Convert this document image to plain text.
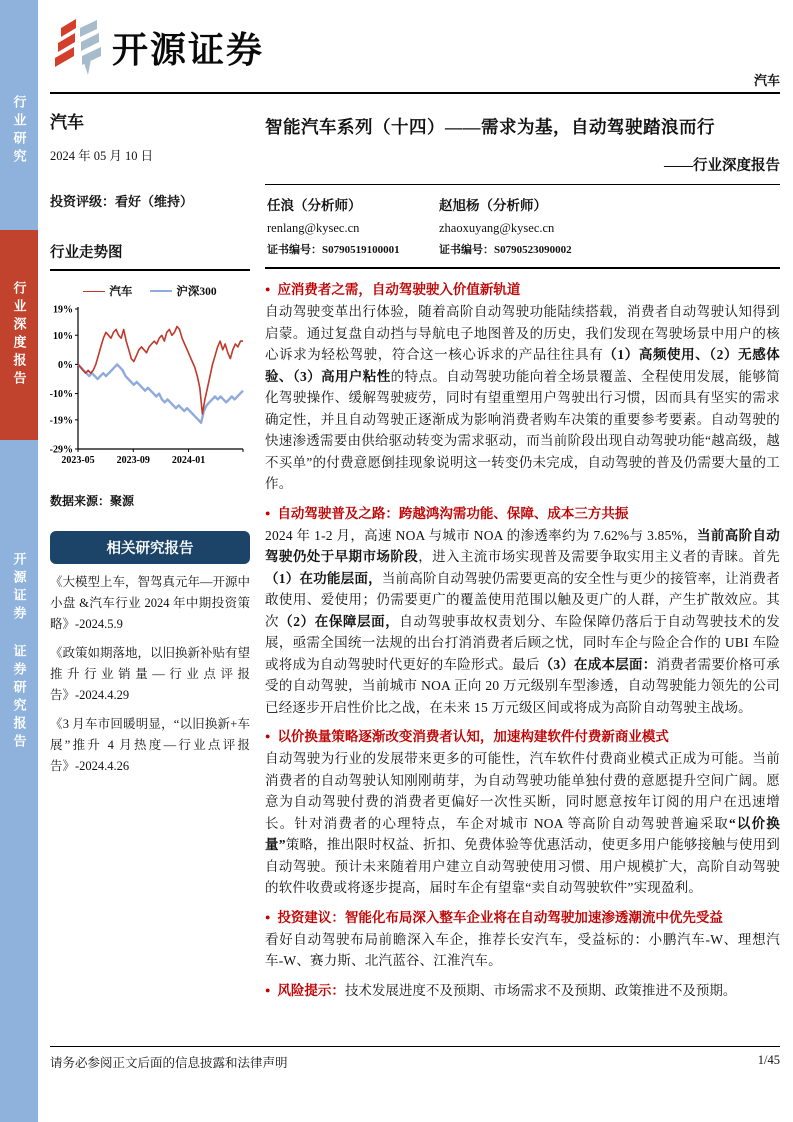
行业研究
行业深度报告
开源证券 证券研究报告
开源证券
汽车
汽车
2024 年 05 月 10 日
投资评级：看好（维持）
行业走势图
汽车	沪深300
19%
10%
0%
-10%
-19%
-29%
2023-05 2023-09 2024-01
数据来源：聚源
相关研究报告

《大模型上车，智驾真元年—开源中小盘 &汽车行业 2024 年中期投资策略》-2024.5.9

《政策如期落地，以旧换新补贴有望推升行业销量—行业点评报告》-2024.4.29

《3 月车市回暖明显，“以旧换新+车展”推升 4 月热度—行业点评报告》-2024.4.26

智能汽车系列（十四）——需求为基，自动驾驶踏浪而行
——行业深度报告
任浪（分析师）
renlang@kysec.cn
证书编号：S0790519100001
赵旭杨（分析师）
zhaoxuyang@kysec.cn
证书编号：S0790523090002

● 应消费者之需，自动驾驶驶入价值新轨道

自动驾驶变革出行体验，随着高阶自动驾驶功能陆续搭载，消费者自动驾驶认知得到启蒙。通过复盘自动挡与导航电子地图普及的历史，我们发现在驾驶场景中用户的核心诉求为轻松驾驶，符合这一核心诉求的产品往往具有（1）高频使用、（2）无感体验、（3）高用户粘性的特点。自动驾驶功能向着全场景覆盖、全程使用发展，能够简化驾驶操作、缓解驾驶疲劳，同时有望重塑用户驾驶出行习惯，因而具有坚实的需求确定性，并且自动驾驶正逐渐成为影响消费者购车决策的重要参考要素。自动驾驶的快速渗透需要由供给驱动转变为需求驱动，而当前阶段出现自动驾驶功能“越高级，越不买单”的付费意愿倒挂现象说明这一转变仍未完成，自动驾驶的普及仍需要大量的工作。

● 自动驾驶普及之路：跨越鸿沟需功能、保障、成本三方共振

2024 年 1-2 月，高速 NOA 与城市 NOA 的渗透率约为 7.62%与 3.85%，当前高阶自动驾驶仍处于早期市场阶段，进入主流市场实现普及需要争取实用主义者的青睐。首先（1）在功能层面，当前高阶自动驾驶仍需要更高的安全性与更少的接管率，让消费者敢使用、爱使用；仍需要更广的覆盖使用范围以触及更广的人群，产生扩散效应。其次（2）在保障层面，自动驾驶事故权责划分、车险保障仍落后于自动驾驶技术的发展，亟需全国统一法规的出台打消消费者后顾之忧，同时车企与险企合作的 UBI 车险或将成为自动驾驶时代更好的车险形式。最后（3）在成本层面：消费者需要价格可承受的自动驾驶，当前城市 NOA 正向 20 万元级别车型渗透，自动驾驶能力领先的公司已经逐步开启性价比之战，在未来 15 万元级区间或将成为高阶自动驾驶主战场。

● 以价换量策略逐渐改变消费者认知，加速构建软件付费新商业模式

自动驾驶为行业的发展带来更多的可能性，汽车软件付费商业模式正成为可能。当前消费者的自动驾驶认知刚刚萌芽，为自动驾驶功能单独付费的意愿提升空间广阔。愿意为自动驾驶付费的消费者更偏好一次性买断，同时愿意按年订阅的用户在迅速增长。针对消费者的心理特点，车企对城市 NOA 等高阶自动驾驶普遍采取“以价换量”策略，推出限时权益、折扣、免费体验等优惠活动，使更多用户能够接触与使用到自动驾驶。预计未来随着用户建立自动驾驶使用习惯、用户规模扩大，高阶自动驾驶的软件收费或将逐步提高，届时车企有望靠“卖自动驾驶软件”实现盈利。

● 投资建议：智能化布局深入整车企业将在自动驾驶加速渗透潮流中优先受益

看好自动驾驶布局前瞻深入车企，推荐长安汽车，受益标的：小鹏汽车-W、理想汽车-W、赛力斯、北汽蓝谷、江淮汽车。

● 风险提示：技术发展进度不及预期、市场需求不及预期、政策推进不及预期。

请务必参阅正文后面的信息披露和法律声明	1/45
